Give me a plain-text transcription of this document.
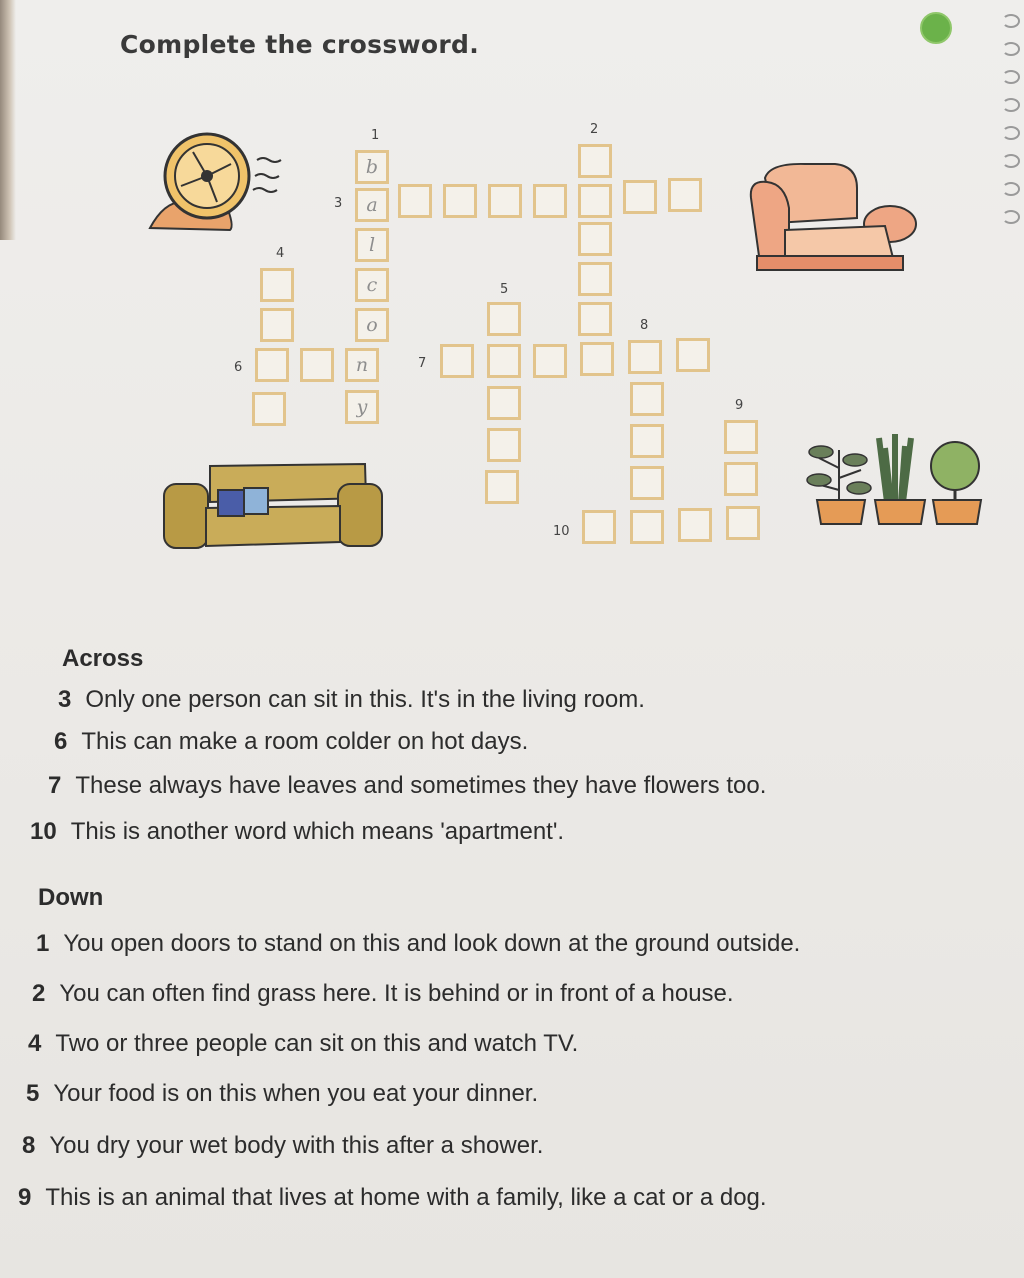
Complete the crossword.
b
a
l
c
o
n
y
1	2
3
4
5
6	7
8
9
10
Across
3 Only one person can sit in this. It's in the living room.
6 This can make a room colder on hot days.
7 These always have leaves and sometimes they have flowers too.
10 This is another word which means 'apartment'.
Down
1 You open doors to stand on this and look down at the ground outside.
2 You can often find grass here. It is behind or in front of a house.
4 Two or three people can sit on this and watch TV.
5 Your food is on this when you eat your dinner.
8 You dry your wet body with this after a shower.
9 This is an animal that lives at home with a family, like a cat or a dog.
